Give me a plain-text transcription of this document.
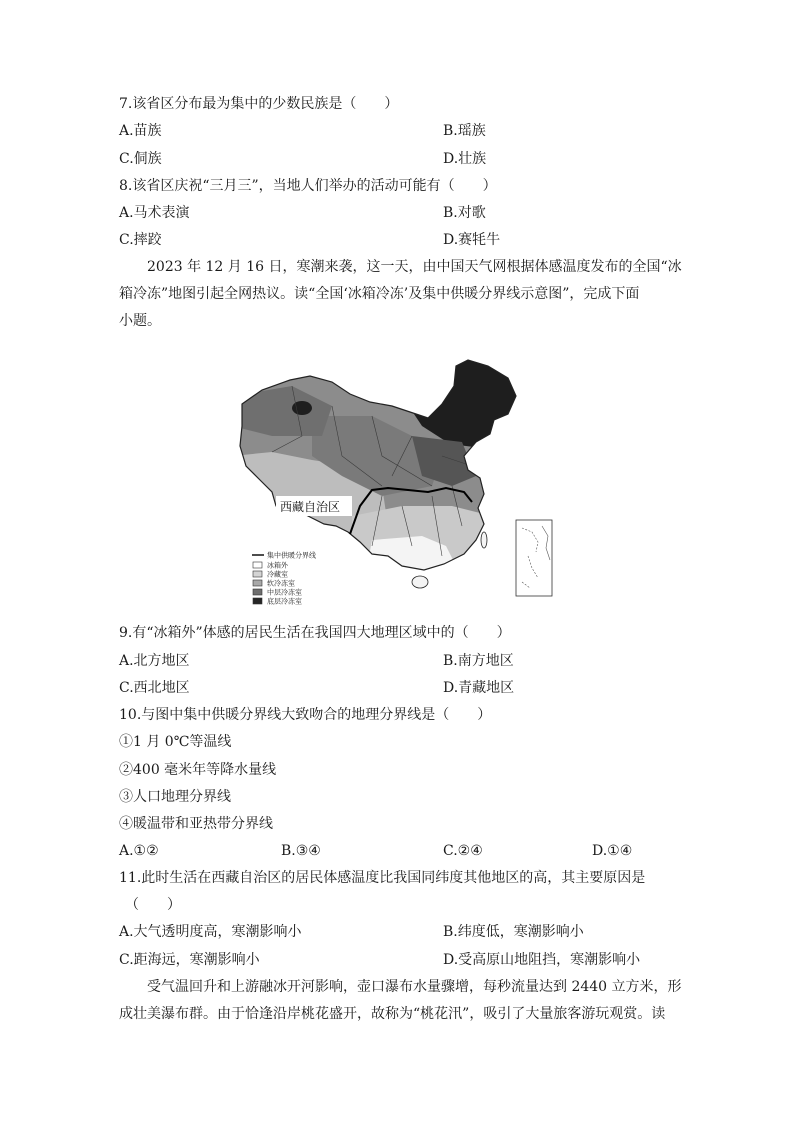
7.该省区分布最为集中的少数民族是（　　）
A.苗族	B.瑶族
C.侗族	D.壮族
8.该省区庆祝“三月三”，当地人们举办的活动可能有（　　）
A.马术表演	B.对歌
C.摔跤	D.赛牦牛
2023 年 12 月 16 日，寒潮来袭，这一天，由中国天气网根据体感温度发布的全国“冰
箱冷冻”地图引起全网热议。读“全国‘冰箱冷冻’及集中供暖分界线示意图”，完成下面
小题。
西藏自治区
集中供暖分界线
冰箱外
冷藏室
软冷冻室
中层冷冻室
底层冷冻室
9.有“冰箱外”体感的居民生活在我国四大地理区域中的（　　）
A.北方地区	B.南方地区
C.西北地区	D.青藏地区
10.与图中集中供暖分界线大致吻合的地理分界线是（　　）
①1 月 0℃等温线
②400 毫米年等降水量线
③人口地理分界线
④暖温带和亚热带分界线
A.①②	B.③④	C.②④	D.①④
11.此时生活在西藏自治区的居民体感温度比我国同纬度其他地区的高，其主要原因是
（　　）
A.大气透明度高，寒潮影响小	B.纬度低，寒潮影响小
C.距海远，寒潮影响小	D.受高原山地阻挡，寒潮影响小
受气温回升和上游融冰开河影响，壶口瀑布水量骤增，每秒流量达到 2440 立方米，形
成壮美瀑布群。由于恰逢沿岸桃花盛开，故称为“桃花汛”，吸引了大量旅客游玩观赏。读
